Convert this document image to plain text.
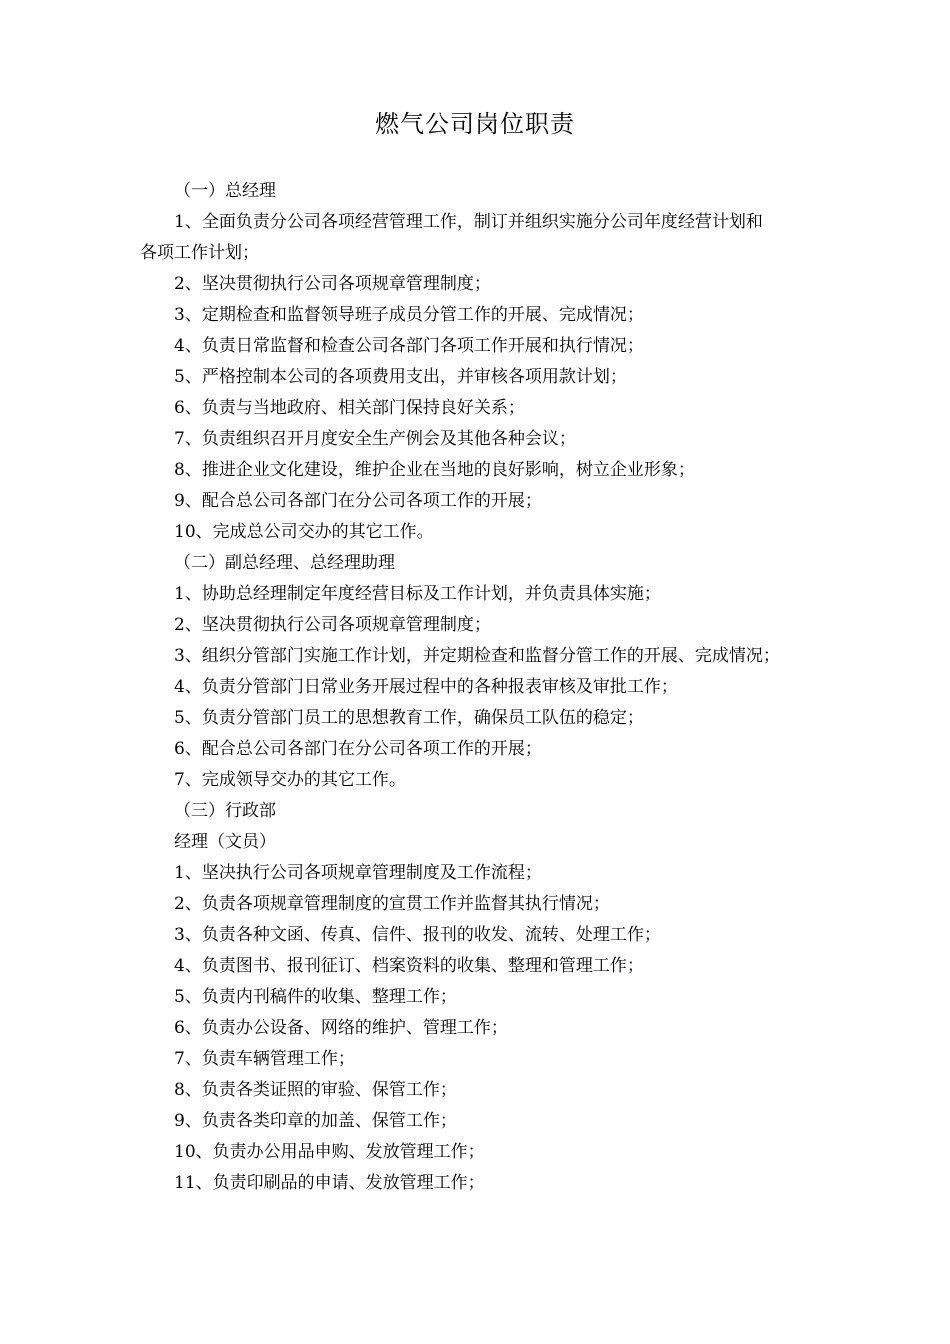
燃气公司岗位职责
（一）总经理
1、全面负责分公司各项经营管理工作，制订并组织实施分公司年度经营计划和
各项工作计划；
2、坚决贯彻执行公司各项规章管理制度；
3、定期检查和监督领导班子成员分管工作的开展、完成情况；
4、负责日常监督和检查公司各部门各项工作开展和执行情况；
5、严格控制本公司的各项费用支出，并审核各项用款计划；
6、负责与当地政府、相关部门保持良好关系；
7、负责组织召开月度安全生产例会及其他各种会议；
8、推进企业文化建设，维护企业在当地的良好影响，树立企业形象；
9、配合总公司各部门在分公司各项工作的开展；
10、完成总公司交办的其它工作。
（二）副总经理、总经理助理
1、协助总经理制定年度经营目标及工作计划，并负责具体实施；
2、坚决贯彻执行公司各项规章管理制度；
3、组织分管部门实施工作计划，并定期检查和监督分管工作的开展、完成情况；
4、负责分管部门日常业务开展过程中的各种报表审核及审批工作；
5、负责分管部门员工的思想教育工作，确保员工队伍的稳定；
6、配合总公司各部门在分公司各项工作的开展；
7、完成领导交办的其它工作。
（三）行政部
经理（文员）
1、坚决执行公司各项规章管理制度及工作流程；
2、负责各项规章管理制度的宣贯工作并监督其执行情况；
3、负责各种文函、传真、信件、报刊的收发、流转、处理工作；
4、负责图书、报刊征订、档案资料的收集、整理和管理工作；
5、负责内刊稿件的收集、整理工作；
6、负责办公设备、网络的维护、管理工作；
7、负责车辆管理工作；
8、负责各类证照的审验、保管工作；
9、负责各类印章的加盖、保管工作；
10、负责办公用品申购、发放管理工作；
11、负责印刷品的申请、发放管理工作；
